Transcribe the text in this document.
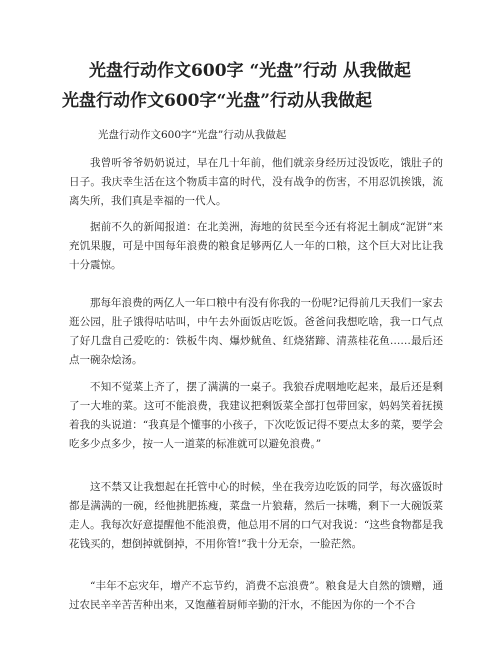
光盘行动作文600字 “光盘”行动 从我做起
光盘行动作文600字“光盘”行动从我做起
光盘行动作文600字“光盘”行动从我做起

我曾听爷爷奶奶说过，早在几十年前，他们就亲身经历过没饭吃，饿肚子的日子。我庆幸生活在这个物质丰富的时代，没有战争的伤害，不用忍饥挨饿，流离失所，我们真是幸福的一代人。

据前不久的新闻报道：在北美洲，海地的贫民至今还有将泥土制成“泥饼”来充饥果腹，可是中国每年浪费的粮食足够两亿人一年的口粮，这个巨大对比让我十分震惊。

那每年浪费的两亿人一年口粮中有没有你我的一份呢?记得前几天我们一家去逛公园，肚子饿得咕咕叫，中午去外面饭店吃饭。爸爸问我想吃啥，我一口气点了好几盘自己爱吃的：铁板牛肉、爆炒鱿鱼、红烧猪蹄、清蒸桂花鱼……最后还点一碗杂烩汤。

不知不觉菜上齐了，摆了满满的一桌子。我狼吞虎咽地吃起来，最后还是剩了一大堆的菜。这可不能浪费，我建议把剩饭菜全部打包带回家，妈妈笑着抚摸着我的头说道：“我真是个懂事的小孩子，下次吃饭记得不要点太多的菜，要学会吃多少点多少，按一人一道菜的标准就可以避免浪费。”

这不禁又让我想起在托管中心的时候，坐在我旁边吃饭的同学，每次盛饭时都是满满的一碗，经他挑肥拣瘦，菜盘一片狼藉，然后一抹嘴，剩下一大碗饭菜走人。我每次好意提醒他不能浪费，他总用不屑的口气对我说：“这些食物都是我花钱买的，想倒掉就倒掉，不用你管!”我十分无奈，一脸茫然。

“丰年不忘灾年，增产不忘节约，消费不忘浪费”。粮食是大自然的馈赠，通过农民辛辛苦苦种出来，又饱蘸着厨师辛勤的汗水，不能因为你的一个不合
